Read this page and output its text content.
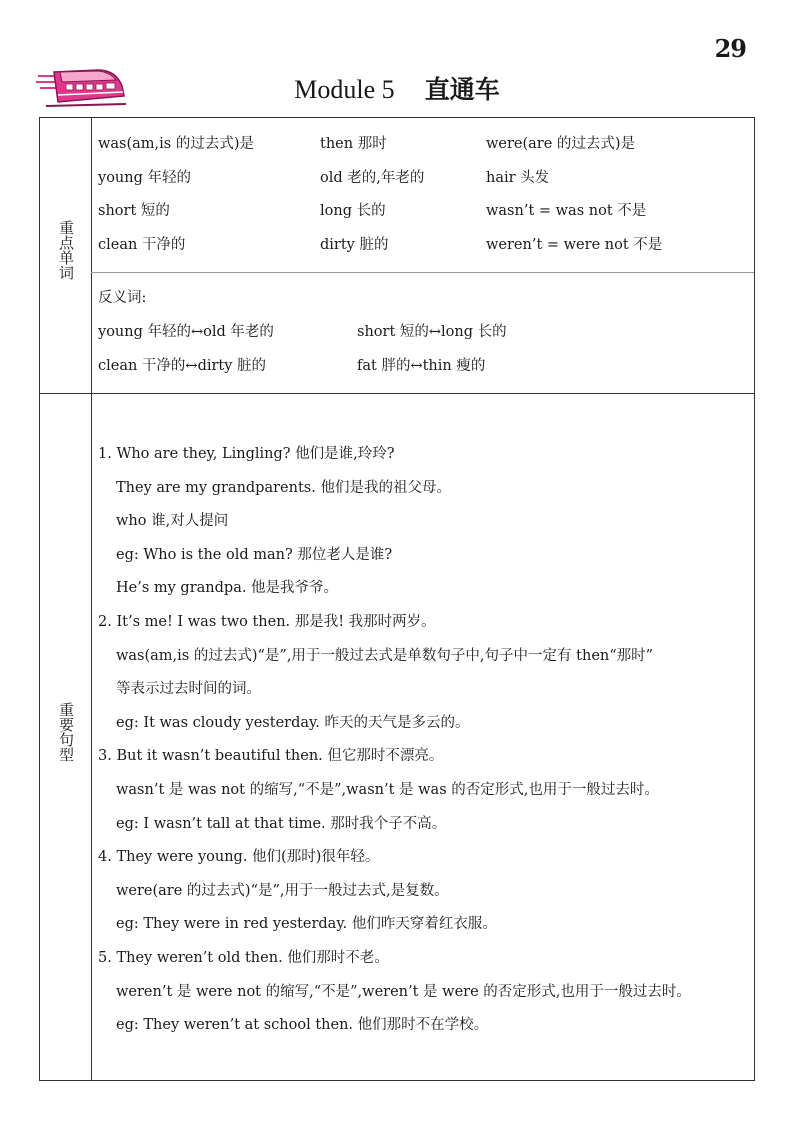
29
Module 5 直通车
重点单词
重要句型
was(am,is 的过去式)是	then 那时	were(are 的过去式)是
young 年轻的	old 老的,年老的	hair 头发
short 短的	long 长的	wasn’t = was not 不是
clean 干净的	dirty 脏的	weren’t = were not 不是
反义词:
young 年轻的↔old 年老的	short 短的↔long 长的
clean 干净的↔dirty 脏的	fat 胖的↔thin 瘦的
1. Who are they, Lingling? 他们是谁,玲玲?
They are my grandparents. 他们是我的祖父母。
who 谁,对人提问
eg: Who is the old man? 那位老人是谁?
He’s my grandpa. 他是我爷爷。
2. It’s me! I was two then. 那是我! 我那时两岁。
was(am,is 的过去式)“是”,用于一般过去式是单数句子中,句子中一定有 then“那时”
等表示过去时间的词。
eg: It was cloudy yesterday. 昨天的天气是多云的。
3. But it wasn’t beautiful then. 但它那时不漂亮。
wasn’t 是 was not 的缩写,“不是”,wasn’t 是 was 的否定形式,也用于一般过去时。
eg: I wasn’t tall at that time. 那时我个子不高。
4. They were young. 他们(那时)很年轻。
were(are 的过去式)“是”,用于一般过去式,是复数。
eg: They were in red yesterday. 他们昨天穿着红衣服。
5. They weren’t old then. 他们那时不老。
weren’t 是 were not 的缩写,“不是”,weren’t 是 were 的否定形式,也用于一般过去时。
eg: They weren’t at school then. 他们那时不在学校。
